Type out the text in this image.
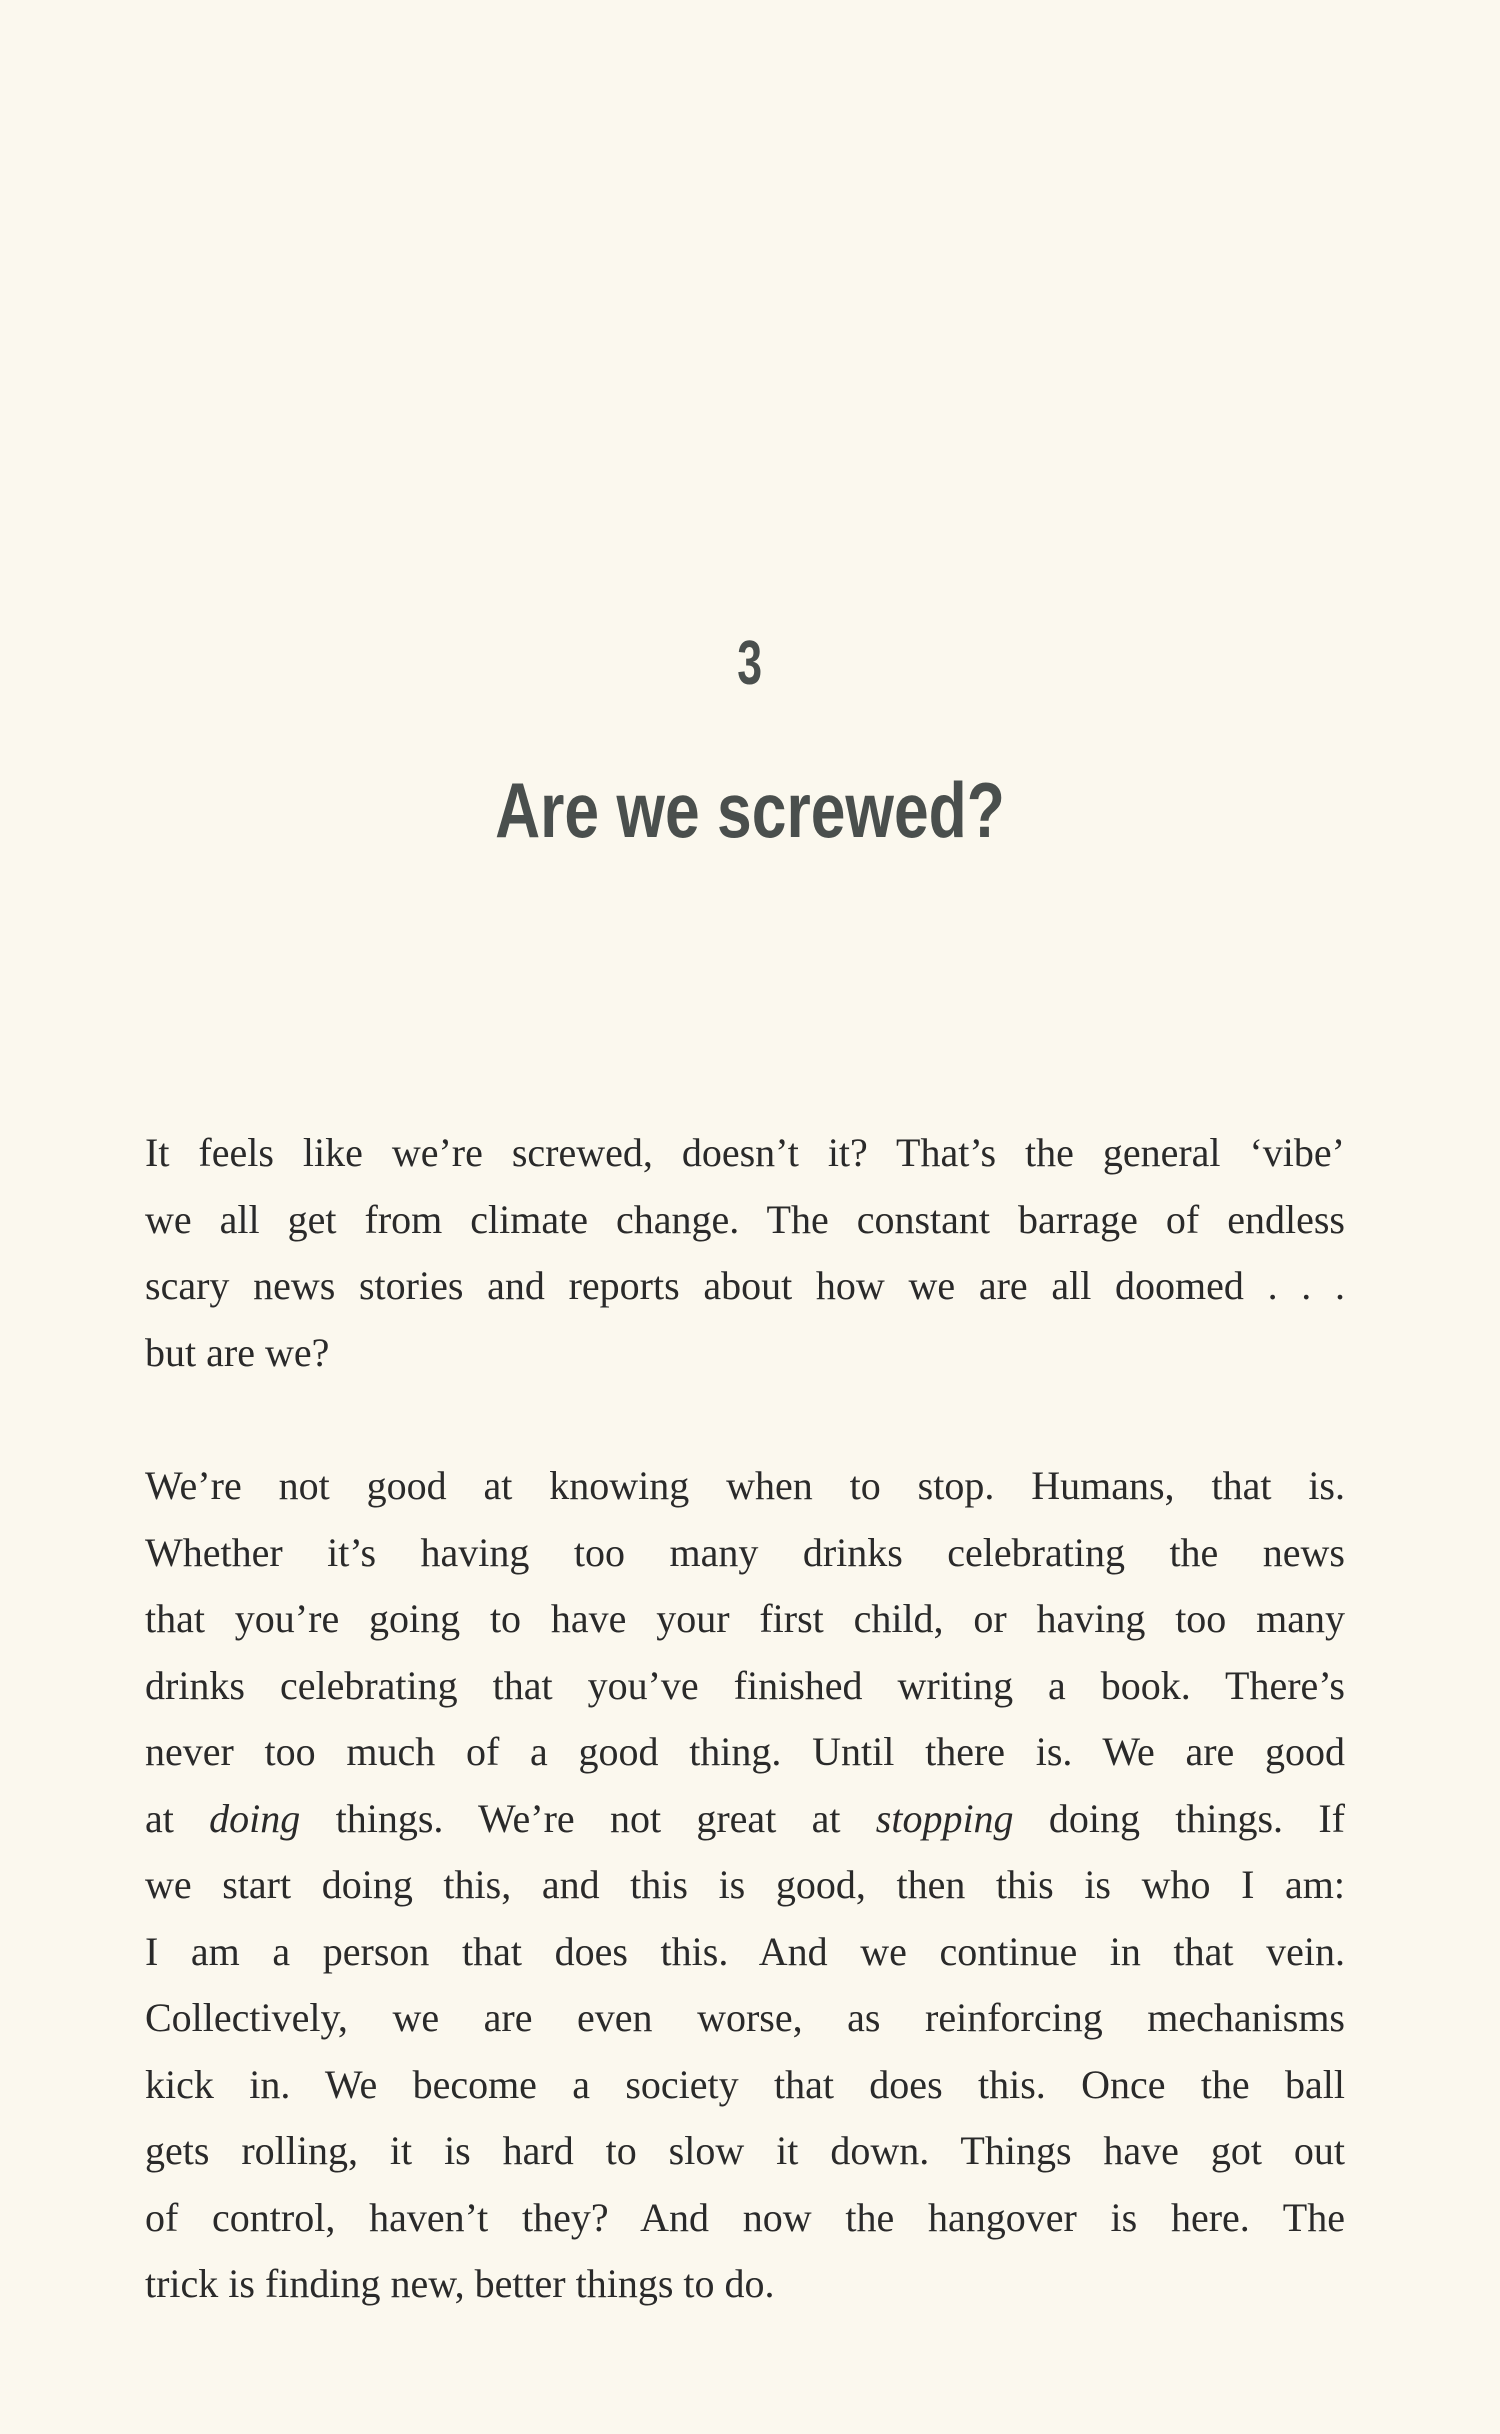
3
Are we screwed?
It feels like we’re screwed, doesn’t it? That’s the general ‘vibe’
we all get from climate change. The constant barrage of endless
scary news stories and reports about how we are all doomed . . .
but are we?
We’re not good at knowing when to stop. Humans, that is.
Whether it’s having too many drinks celebrating the news
that you’re going to have your first child, or having too many
drinks celebrating that you’ve finished writing a book. There’s
never too much of a good thing. Until there is. We are good
at doing things. We’re not great at stopping doing things. If
we start doing this, and this is good, then this is who I am:
I am a person that does this. And we continue in that vein.
Collectively, we are even worse, as reinforcing mechanisms
kick in. We become a society that does this. Once the ball
gets rolling, it is hard to slow it down. Things have got out
of control, haven’t they? And now the hangover is here. The
trick is finding new, better things to do.
